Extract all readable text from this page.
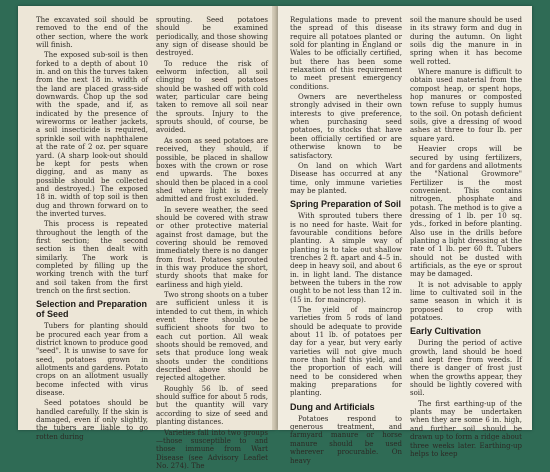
The excavated soil should be removed to the end of the other section, where the work will finish.

The exposed sub-soil is then forked to a depth of about 10 in. and on this the turves taken from the next 18 in. width of the land are placed grass-side downwards. Chop up the sod with the spade, and if, as indicated by the presence of wireworms or leather jackets, a soil insecticide is required, sprinkle soil with naphthalene at the rate of 2 oz. per square yard. (A sharp look-out should be kept for pests when digging, and as many as possible should be collected and destroyed.) The exposed 18 in. width of top soil is then dug and thrown forward on to the inverted turves.

This process is repeated throughout the length of the first section; the second section is then dealt with similarly. The work is completed by filling up the working trench with the turf and soil taken from the first trench on the first section.

Selection and Preparation of Seed

Tubers for planting should be procured each year from a district known to produce good "seed". It is unwise to save for seed, potatoes grown in allotments and gardens. Potato crops on an allotment usually become infected with virus disease.

Seed potatoes should be handled carefully. If the skin is damaged, even if only slightly, the tubers are liable to go rotten during

sprouting. Seed potatoes should be examined periodically, and those showing any sign of disease should be destroyed.

To reduce the risk of eelworm infection, all soil clinging to seed potatoes should be washed off with cold water, particular care being taken to remove all soil near the sprouts. Injury to the sprouts should, of course, be avoided.

As soon as seed potatoes are received, they should, if possible, be placed in shallow boxes with the crown or rose end upwards. The boxes should then be placed in a cool shed where light is freely admitted and frost excluded.

In severe weather, the seed should be covered with straw or other protective material against frost damage, but the covering should be removed immediately there is no danger from frost. Potatoes sprouted in this way produce the short, sturdy shoots that make for earliness and high yield.

Two strong shoots on a tuber are sufficient unless it is intended to cut them, in which event there should be sufficient shoots for two to each cut portion. All weak shoots should be removed, and sets that produce long weak shoots under the conditions described above should be rejected altogether.

Roughly 56 lb. of seed should suffice for about 5 rods, but the quantity will vary according to size of seed and planting distances.

Varieties fall into two groups—those susceptible to and those immune from Wart Disease (see Advisory Leaflet No. 274). The

Regulations made to prevent the spread of this disease require all potatoes planted or sold for planting in England or Wales to be officially certified, but there has been some relaxation of this requirement to meet present emergency conditions.

Owners are nevertheless strongly advised in their own interests to give preference, when purchasing seed potatoes, to stocks that have been officially certified or are otherwise known to be satisfactory.

On land on which Wart Disease has occurred at any time, only immune varieties may be planted.

Spring Preparation of Soil

With sprouted tubers there is no need for haste. Wait for favourable conditions before planting. A simple way of planting is to take out shallow trenches 2 ft. apart and 4–5 in. deep in heavy soil, and about 6 in. in light land. The distance between the tubers in the row ought to be not less than 12 in. (15 in. for maincrop).

The yield of maincrop varieties from 5 rods of land should be adequate to provide about 11 lb. of potatoes per day for a year, but very early varieties will not give much more than half this yield, and the proportion of each will need to be considered when making preparations for planting.

Dung and Artificials

Potatoes respond to generous treatment, and farmyard manure or horse manure should be used wherever procurable. On heavy

soil the manure should be used in its strawy form and dug in during the autumn. On light soils dig the manure in in spring when it has become well rotted.

Where manure is difficult to obtain used material from the compost heap, or spent hops, hop manures or composted town refuse to supply humus to the soil. On potash deficient soils, give a dressing of wood ashes at three to four lb. per square yard.

Heavier crops will be secured by using fertilizers, and for gardens and allotments the "National Growmore" Fertilizer is the most convenient. This contains nitrogen, phosphate and potash. The method is to give a dressing of 1 lb. per 10 sq. yds., forked in before planting. Also use in the drills before planting a light dressing at the rate of 1 lb. per 60 ft. Tubers should not be dusted with artificials, as the eye or sprout may be damaged.

It is not advisable to apply lime to cultivated soil in the same season in which it is proposed to crop with potatoes.

Early Cultivation

During the period of active growth, land should be hoed and kept free from weeds. If there is danger of frost just when the growths appear, they should be lightly covered with soil.

The first earthing-up of the plants may be undertaken when they are some 6 in. high, and further soil should be drawn up to form a ridge about three weeks later. Earthing-up helps to keep
